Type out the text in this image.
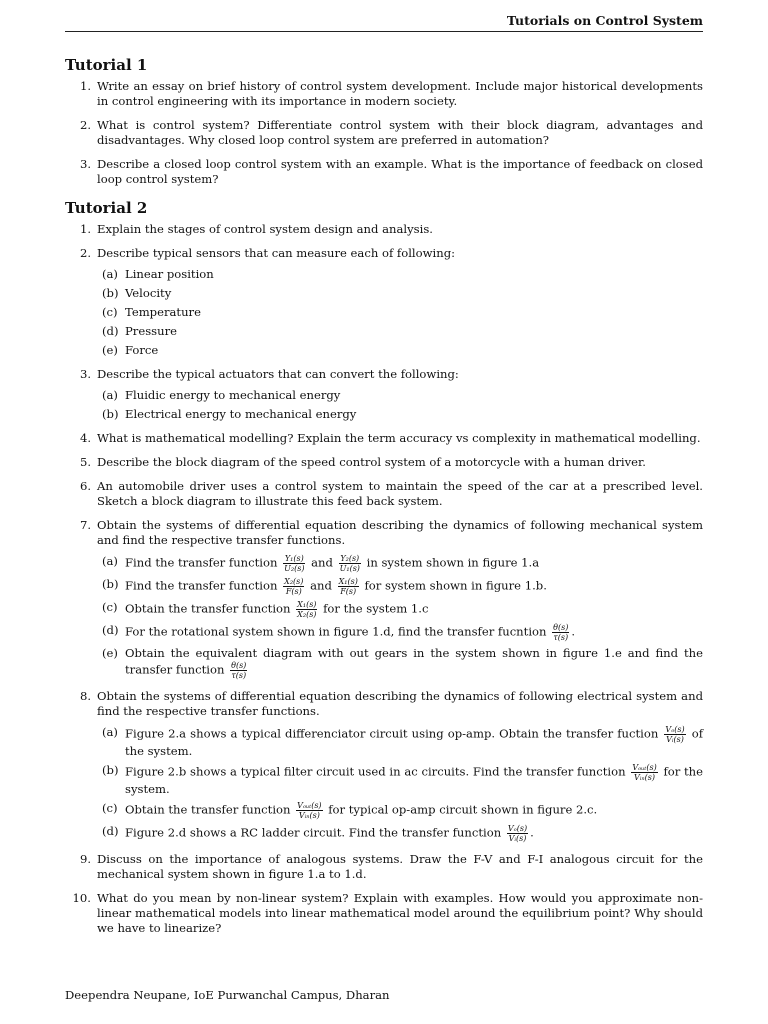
Tutorials on Control System
Tutorial 1
1. Write an essay on brief history of control system development. Include major historical developments in control engineering with its importance in modern society.
2. What is control system? Differentiate control system with their block diagram, advantages and disadvantages. Why closed loop control system are preferred in automation?
3. Describe a closed loop control system with an example. What is the importance of feedback on closed loop control system?
Tutorial 2
1. Explain the stages of control system design and analysis.
2. Describe typical sensors that can measure each of following:
(a) Linear position
(b) Velocity
(c) Temperature
(d) Pressure
(e) Force
3. Describe the typical actuators that can convert the following:
(a) Fluidic energy to mechanical energy
(b) Electrical energy to mechanical energy
4. What is mathematical modelling? Explain the term accuracy vs complexity in mathematical modelling.
5. Describe the block diagram of the speed control system of a motorcycle with a human driver.
6. An automobile driver uses a control system to maintain the speed of the car at a prescribed level. Sketch a block diagram to illustrate this feed back system.
7. Obtain the systems of differential equation describing the dynamics of following mechanical system and find the respective transfer functions.
(a) Find the transfer function $\frac{\text{Y₁(s)}}{\text{U₂(s)}}$ and $\frac{\text{Y₂(s)}}{\text{U₁(s)}}$ in system shown in figure 1.a
(b) Find the transfer function $\frac{\text{X₂(s)}}{F(s)}$ and $\frac{\text{X₁(s)}}{F(s)}$ for system shown in figure 1.b.
(c) Obtain the transfer function $\frac{\text{X₁(s)}}{\text{X₂(s)}}$ for the system 1.c
(d) For the rotational system shown in figure 1.d, find the transfer fucntion $\frac{\theta(s)}{\tau(s)}$ .
(e) Obtain the equivalent diagram with out gears in the system shown in figure 1.e and find the transfer function $\frac{\theta(s)}{\tau(s)}$
8. Obtain the systems of differential equation describing the dynamics of following electrical system and find the respective transfer functions.
(a) Figure 2.a shows a typical differenciator circuit using op-amp. Obtain the transfer fuction $\frac{\text{Vₒ(s)}}{\text{Vᵢ(s)}}$ of the system.
(b) Figure 2.b shows a typical filter circuit used in ac circuits. Find the transfer function $\frac{\text{Vₒᵤₜ(s)}}{\text{Vᵢₙ(s)}}$ for the system.
(c) Obtain the transfer function $\frac{\text{Vₒᵤₜ(s)}}{\text{Vᵢₙ(s)}}$ for typical op-amp circuit shown in figure 2.c.
(d) Figure 2.d shows a RC ladder circuit. Find the transfer function $\frac{\text{Vₒ(s)}}{\text{Vᵢ(s)}}$ .
9. Discuss on the importance of analogous systems. Draw the F-V and F-I analogous circuit for the mechanical system shown in figure 1.a to 1.d.
10. What do you mean by non-linear system? Explain with examples. How would you approximate non-linear mathematical models into linear mathematical model around the equilibrium point? Why should we have to linearize?
Deependra Neupane, IoE Purwanchal Campus, Dharan
